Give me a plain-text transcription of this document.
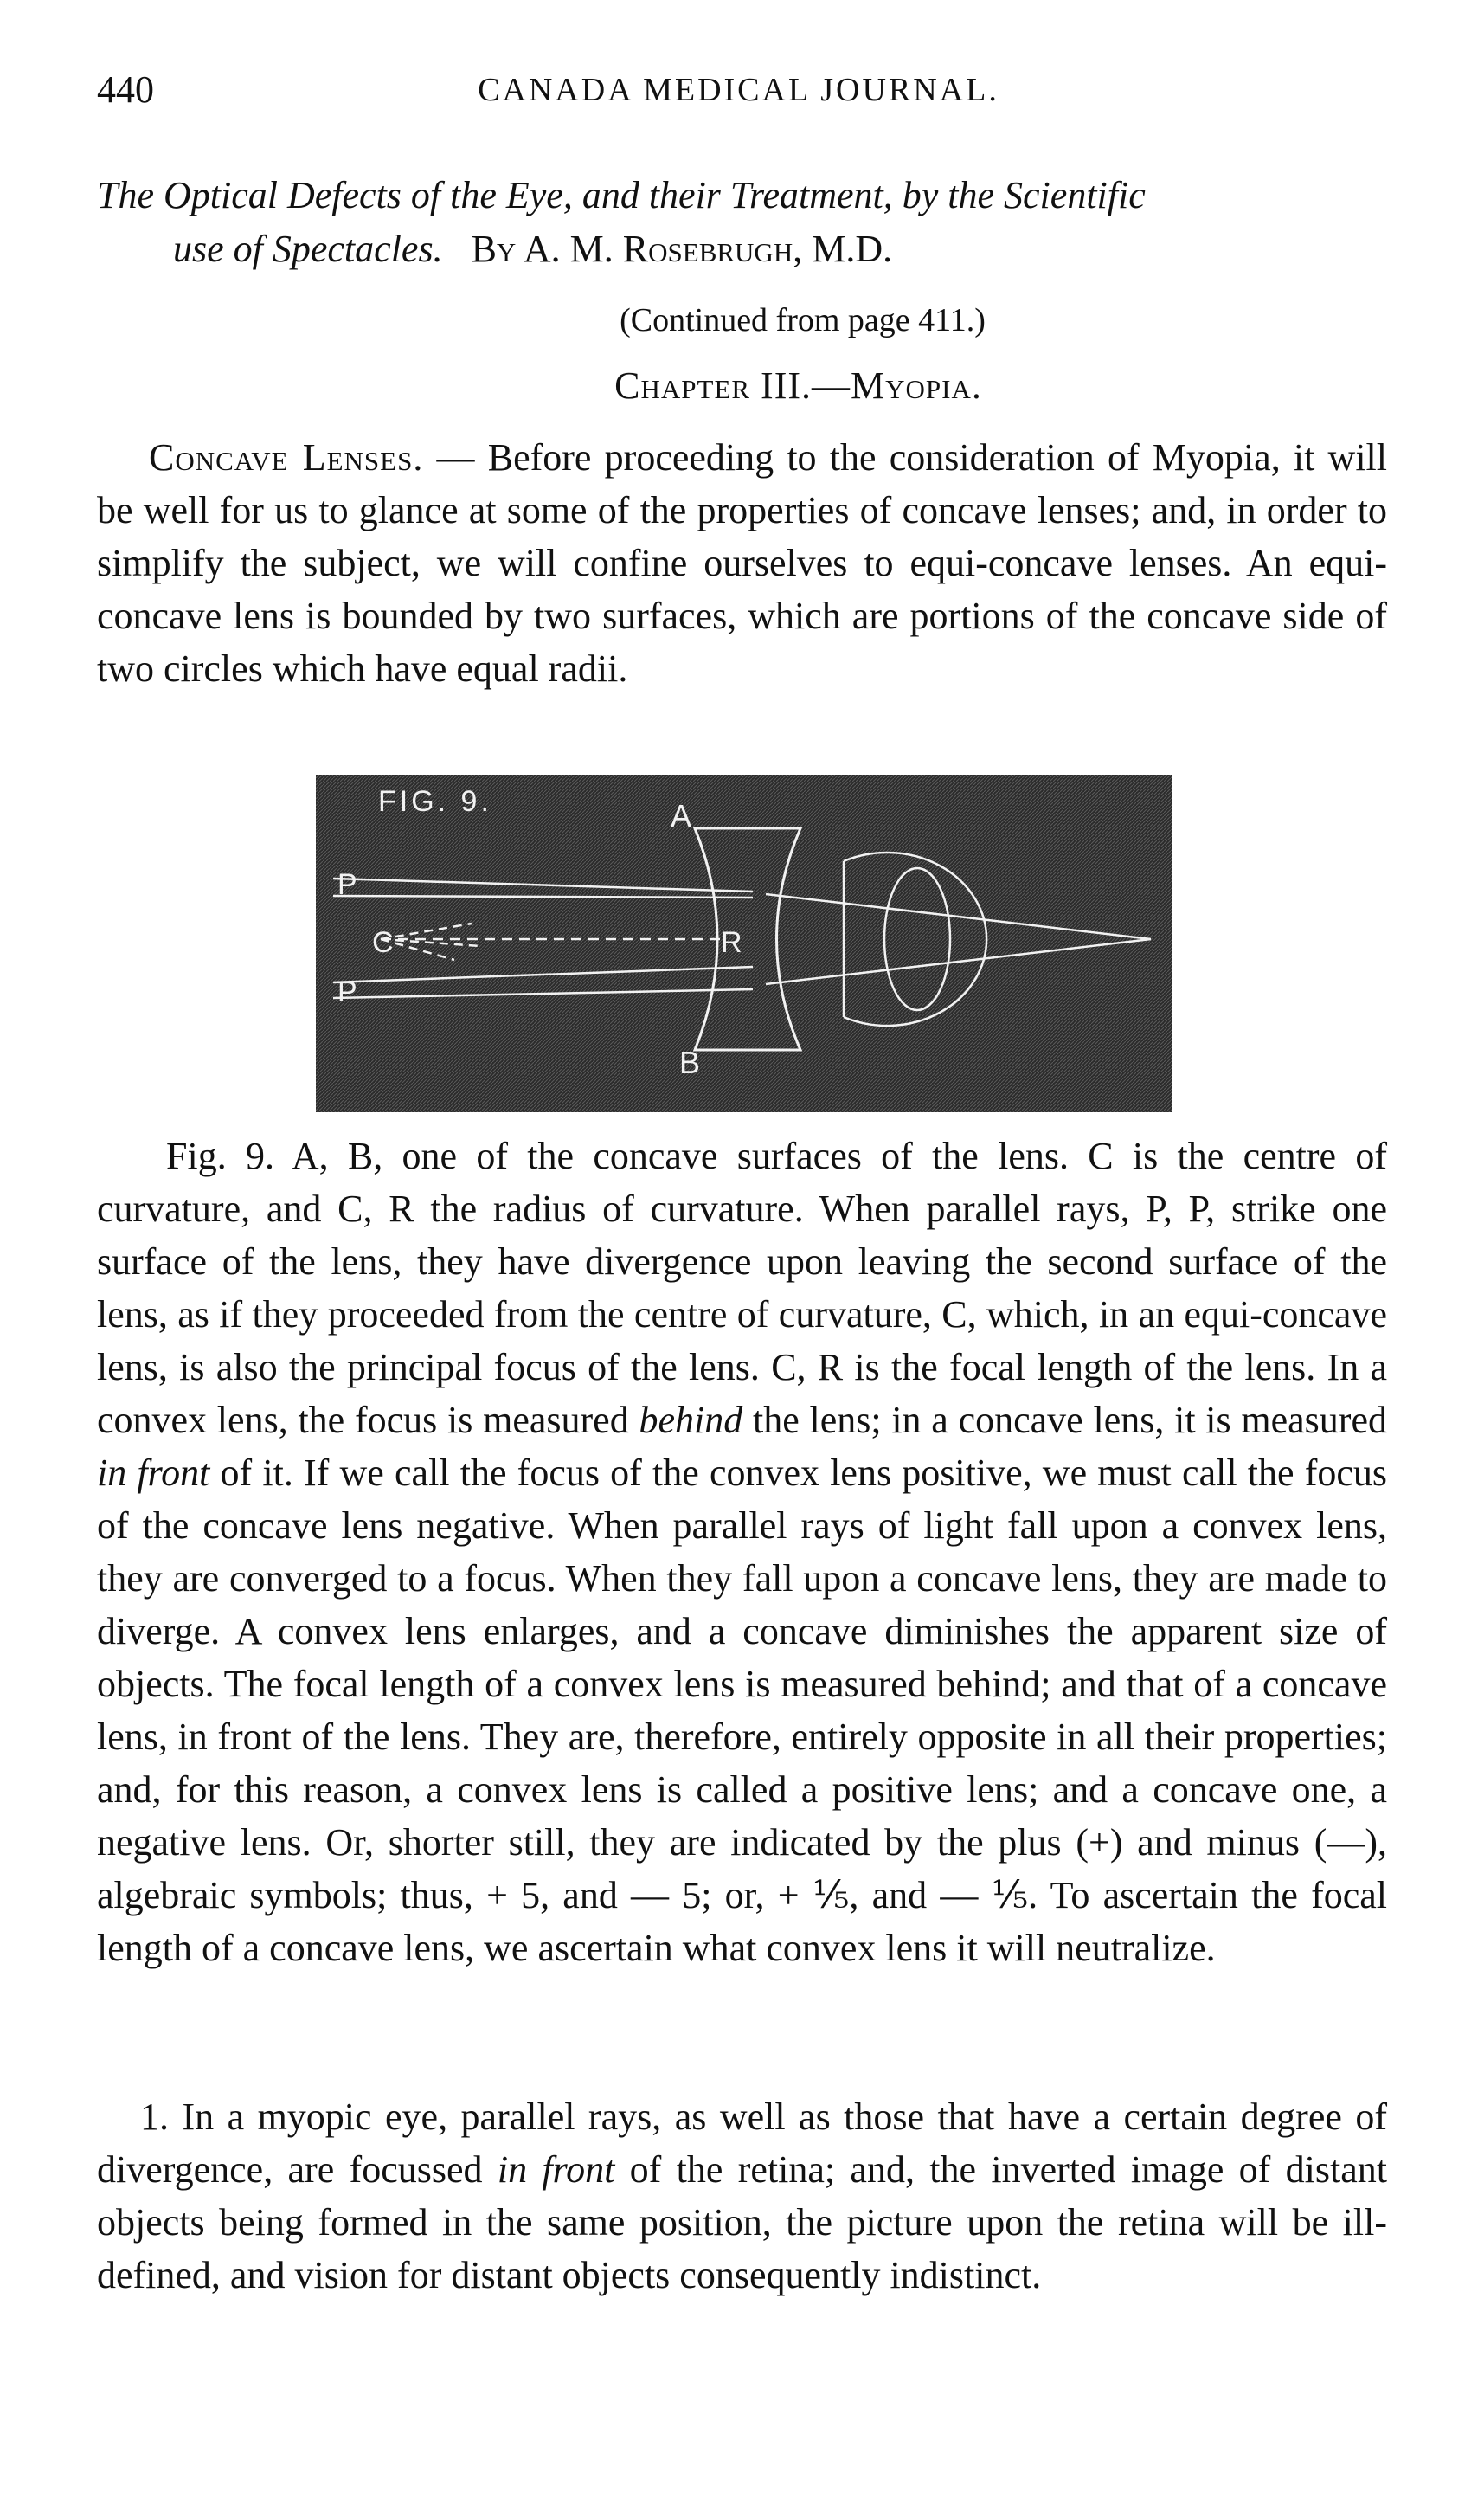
440	CANADA MEDICAL JOURNAL.
The Optical Defects of the Eye, and their Treatment, by the Scientific
use of Spectacles. By A. M. Rosebrugh, M.D.
(Continued from page 411.)
Chapter III.—Myopia.

Concave Lenses. — Before proceeding to the consideration of Myopia, it will be well for us to glance at some of the properties of concave lenses; and, in order to simplify the subject, we will confine ourselves to equi-concave lenses. An equi-concave lens is bounded by two surfaces, which are portions of the concave side of two circles which have equal radii.

FIG. 9.	A
B
P
P
C	R

Fig. 9. A, B, one of the concave surfaces of the lens. C is the centre of curvature, and C, R the radius of curvature. When parallel rays, P, P, strike one surface of the lens, they have divergence upon leaving the second surface of the lens, as if they proceeded from the centre of curvature, C, which, in an equi-concave lens, is also the principal focus of the lens. C, R is the focal length of the lens. In a convex lens, the focus is measured behind the lens; in a concave lens, it is measured in front of it. If we call the focus of the convex lens positive, we must call the focus of the concave lens negative. When parallel rays of light fall upon a convex lens, they are converged to a focus. When they fall upon a concave lens, they are made to diverge. A convex lens enlarges, and a concave diminishes the apparent size of objects. The focal length of a convex lens is measured behind; and that of a concave lens, in front of the lens. They are, therefore, entirely opposite in all their properties; and, for this reason, a convex lens is called a positive lens; and a concave one, a negative lens. Or, shorter still, they are indicated by the plus (+) and minus (—), algebraic symbols; thus, + 5, and — 5; or, + ⅕, and — ⅕. To ascertain the focal length of a concave lens, we ascertain what convex lens it will neutralize.

1. In a myopic eye, parallel rays, as well as those that have a certain degree of divergence, are focussed in front of the retina; and, the inverted image of distant objects being formed in the same position, the picture upon the retina will be ill-defined, and vision for distant objects consequently indistinct.
